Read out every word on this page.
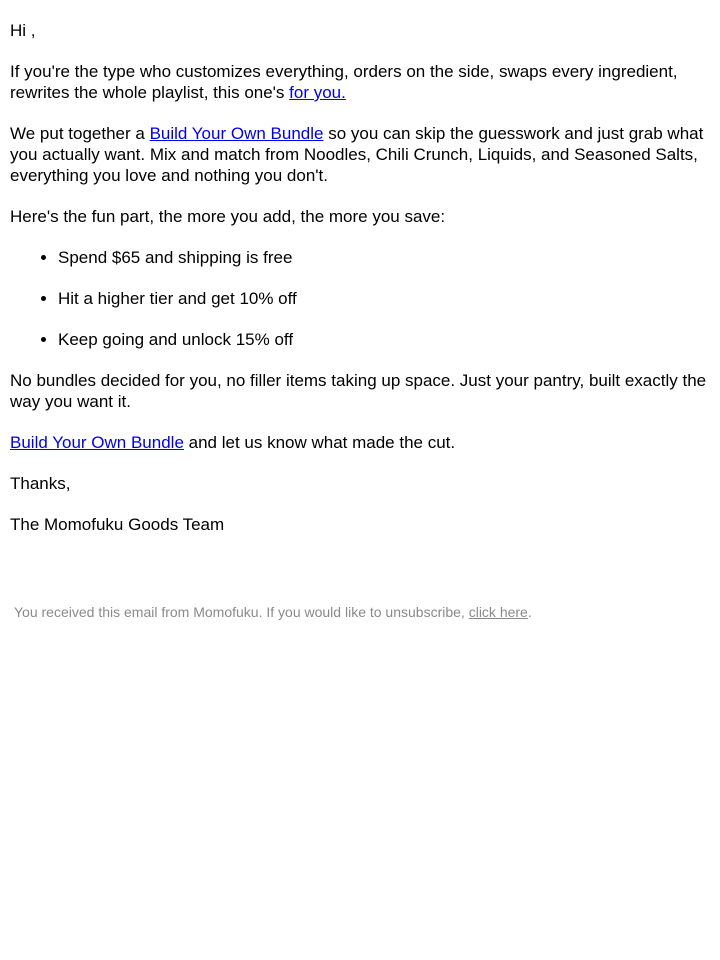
Hi ,

If you're the type who customizes everything, orders on the side, swaps every ingredient, rewrites the whole playlist, this one's for you.

We put together a Build Your Own Bundle so you can skip the guesswork and just grab what you actually want. Mix and match from Noodles, Chili Crunch, Liquids, and Seasoned Salts, everything you love and nothing you don't.

Here's the fun part, the more you add, the more you save:

• Spend $65 and shipping is free
• Hit a higher tier and get 10% off
• Keep going and unlock 15% off

No bundles decided for you, no filler items taking up space. Just your pantry, built exactly the way you want it.

Build Your Own Bundle and let us know what made the cut.

Thanks,

The Momofuku Goods Team

You received this email from Momofuku. If you would like to unsubscribe, click here.
